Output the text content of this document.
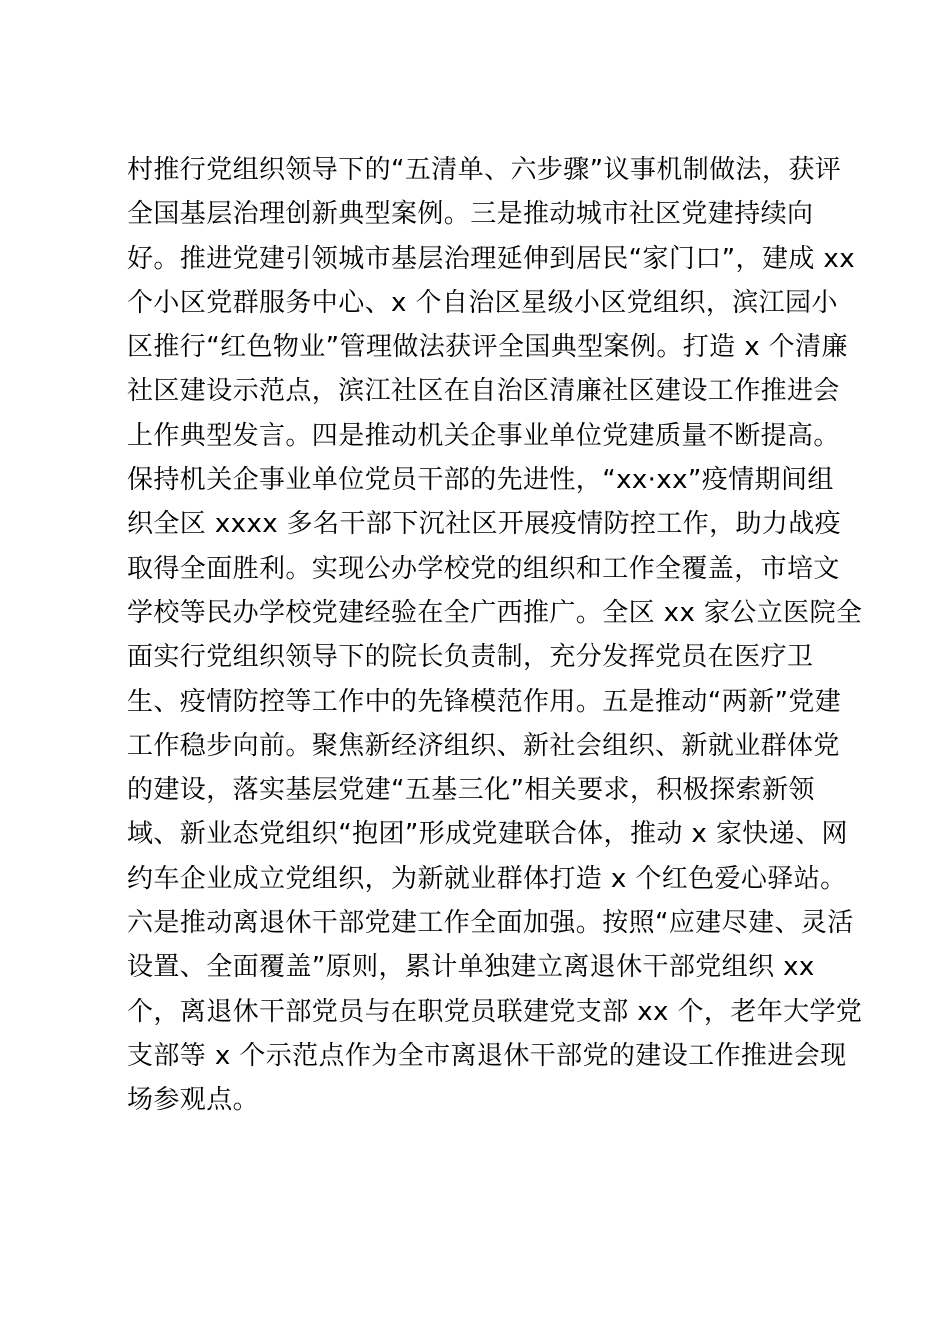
村推行党组织领导下的“五清单、六步骤”议事机制做法，获评
全国基层治理创新典型案例。三是推动城市社区党建持续向
好。推进党建引领城市基层治理延伸到居民“家门口”，建成 xx
个小区党群服务中心、x 个自治区星级小区党组织，滨江园小
区推行“红色物业”管理做法获评全国典型案例。打造 x 个清廉
社区建设示范点，滨江社区在自治区清廉社区建设工作推进会
上作典型发言。四是推动机关企事业单位党建质量不断提高。
保持机关企事业单位党员干部的先进性，“xx·xx”疫情期间组
织全区 xxxx 多名干部下沉社区开展疫情防控工作，助力战疫
取得全面胜利。实现公办学校党的组织和工作全覆盖，市培文
学校等民办学校党建经验在全广西推广。全区 xx 家公立医院全
面实行党组织领导下的院长负责制，充分发挥党员在医疗卫
生、疫情防控等工作中的先锋模范作用。五是推动“两新”党建
工作稳步向前。聚焦新经济组织、新社会组织、新就业群体党
的建设，落实基层党建“五基三化”相关要求，积极探索新领
域、新业态党组织“抱团”形成党建联合体，推动 x 家快递、网
约车企业成立党组织，为新就业群体打造 x 个红色爱心驿站。
六是推动离退休干部党建工作全面加强。按照“应建尽建、灵活
设置、全面覆盖”原则，累计单独建立离退休干部党组织 xx
个，离退休干部党员与在职党员联建党支部 xx 个，老年大学党
支部等 x 个示范点作为全市离退休干部党的建设工作推进会现
场参观点。
